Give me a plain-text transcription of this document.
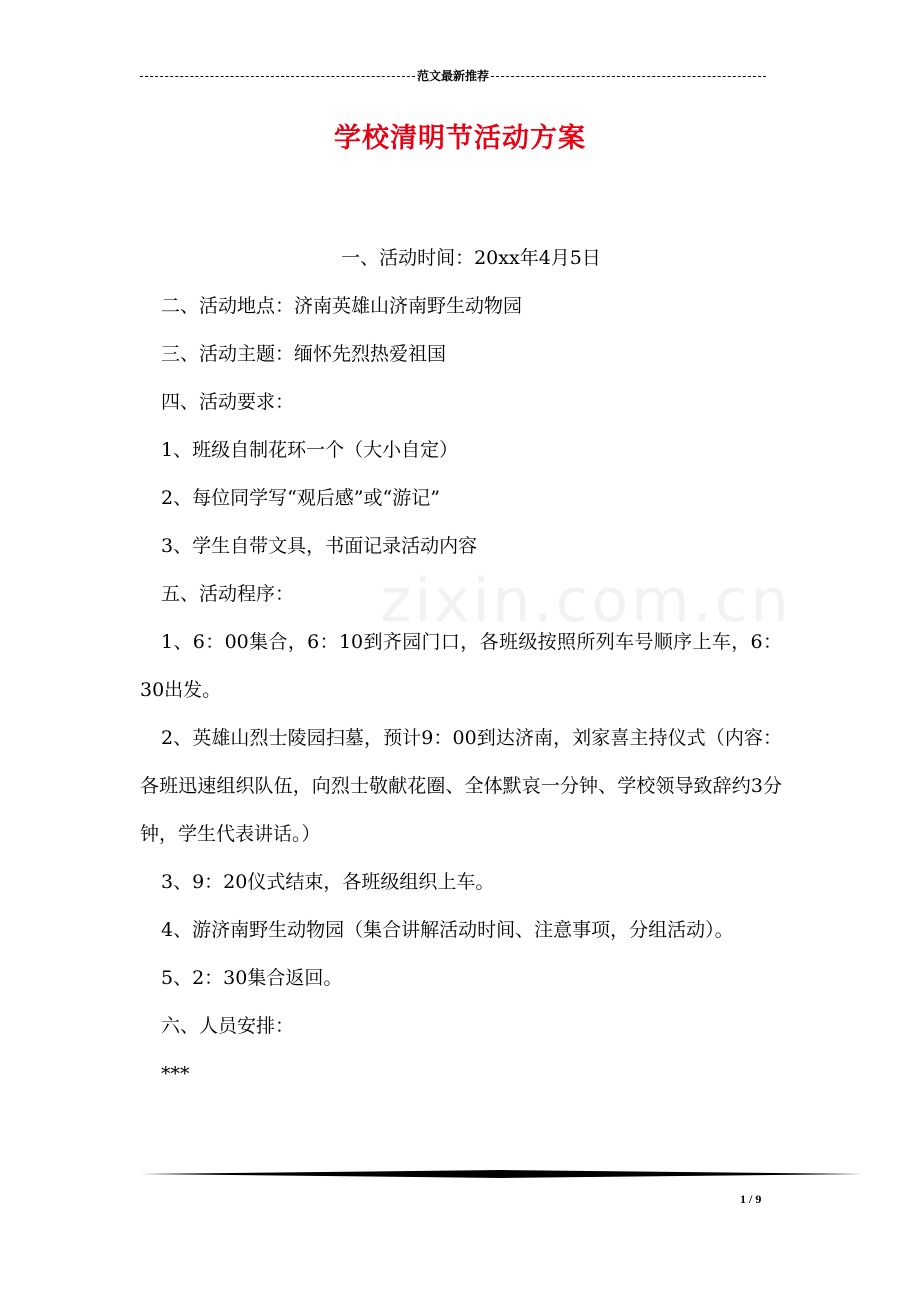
范文最新推荐
学校清明节活动方案
zixin.com.cn

一、活动时间：20xx年4月5日

二、活动地点：济南英雄山济南野生动物园

三、活动主题：缅怀先烈热爱祖国

四、活动要求：

1、班级自制花环一个（大小自定）

2、每位同学写“观后感”或“游记”

3、学生自带文具，书面记录活动内容

五、活动程序：

1、6：00集合，6：10到齐园门口，各班级按照所列车号顺序上车，6：30出发。

2、英雄山烈士陵园扫墓，预计9：00到达济南，刘家喜主持仪式（内容：各班迅速组织队伍，向烈士敬献花圈、全体默哀一分钟、学校领导致辞约3分钟，学生代表讲话。）

3、9：20仪式结束，各班级组织上车。

4、游济南野生动物园（集合讲解活动时间、注意事项，分组活动）。

5、2：30集合返回。

六、人员安排：

***

1 / 9
